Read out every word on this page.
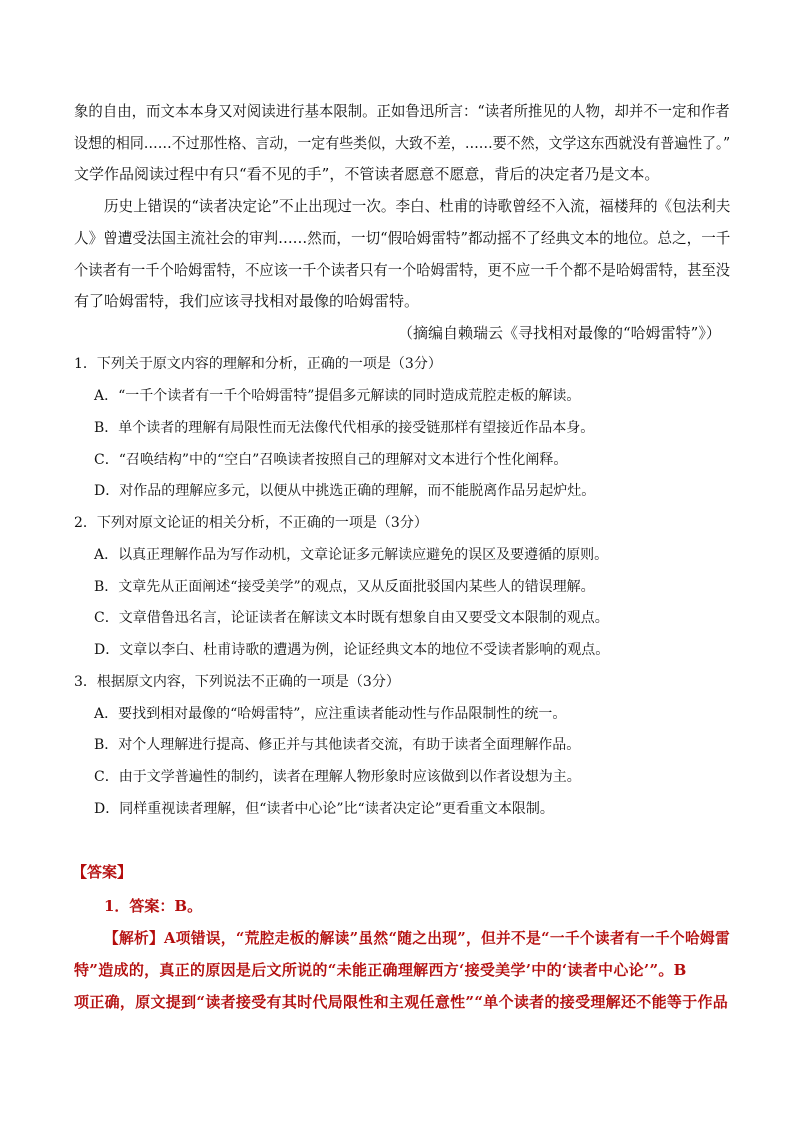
象的自由，而文本本身又对阅读进行基本限制。正如鲁迅所言：“读者所推见的人物，却并不一定和作者
设想的相同……不过那性格、言动，一定有些类似，大致不差，……要不然，文学这东西就没有普遍性了。”
文学作品阅读过程中有只“看不见的手”，不管读者愿意不愿意，背后的决定者乃是文本。
历史上错误的“读者决定论”不止出现过一次。李白、杜甫的诗歌曾经不入流，福楼拜的《包法利夫
人》曾遭受法国主流社会的审判……然而，一切“假哈姆雷特”都动摇不了经典文本的地位。总之，一千
个读者有一千个哈姆雷特，不应该一千个读者只有一个哈姆雷特，更不应一千个都不是哈姆雷特，甚至没
有了哈姆雷特，我们应该寻找相对最像的哈姆雷特。
（摘编自赖瑞云《寻找相对最像的“哈姆雷特”》）
1．下列关于原文内容的理解和分析，正确的一项是（3分）
A．“一千个读者有一千个哈姆雷特”提倡多元解读的同时造成荒腔走板的解读。
B．单个读者的理解有局限性而无法像代代相承的接受链那样有望接近作品本身。
C．“召唤结构”中的“空白”召唤读者按照自己的理解对文本进行个性化阐释。
D．对作品的理解应多元，以便从中挑选正确的理解，而不能脱离作品另起炉灶。
2．下列对原文论证的相关分析，不正确的一项是（3分）
A．以真正理解作品为写作动机，文章论证多元解读应避免的误区及要遵循的原则。
B．文章先从正面阐述“接受美学”的观点，又从反面批驳国内某些人的错误理解。
C．文章借鲁迅名言，论证读者在解读文本时既有想象自由又要受文本限制的观点。
D．文章以李白、杜甫诗歌的遭遇为例，论证经典文本的地位不受读者影响的观点。
3．根据原文内容，下列说法不正确的一项是（3分）
A．要找到相对最像的“哈姆雷特”，应注重读者能动性与作品限制性的统一。
B．对个人理解进行提高、修正并与其他读者交流，有助于读者全面理解作品。
C．由于文学普遍性的制约，读者在理解人物形象时应该做到以作者设想为主。
D．同样重视读者理解，但“读者中心论”比“读者决定论”更看重文本限制。
【答案】
1．答案：B。
【解析】A项错误，“荒腔走板的解读”虽然“随之出现”，但并不是“一千个读者有一千个哈姆雷
特”造成的，真正的原因是后文所说的“未能正确理解西方‘接受美学’中的‘读者中心论’”。B
项正确，原文提到“读者接受有其时代局限性和主观任意性”“单个读者的接受理解还不能等于作品
